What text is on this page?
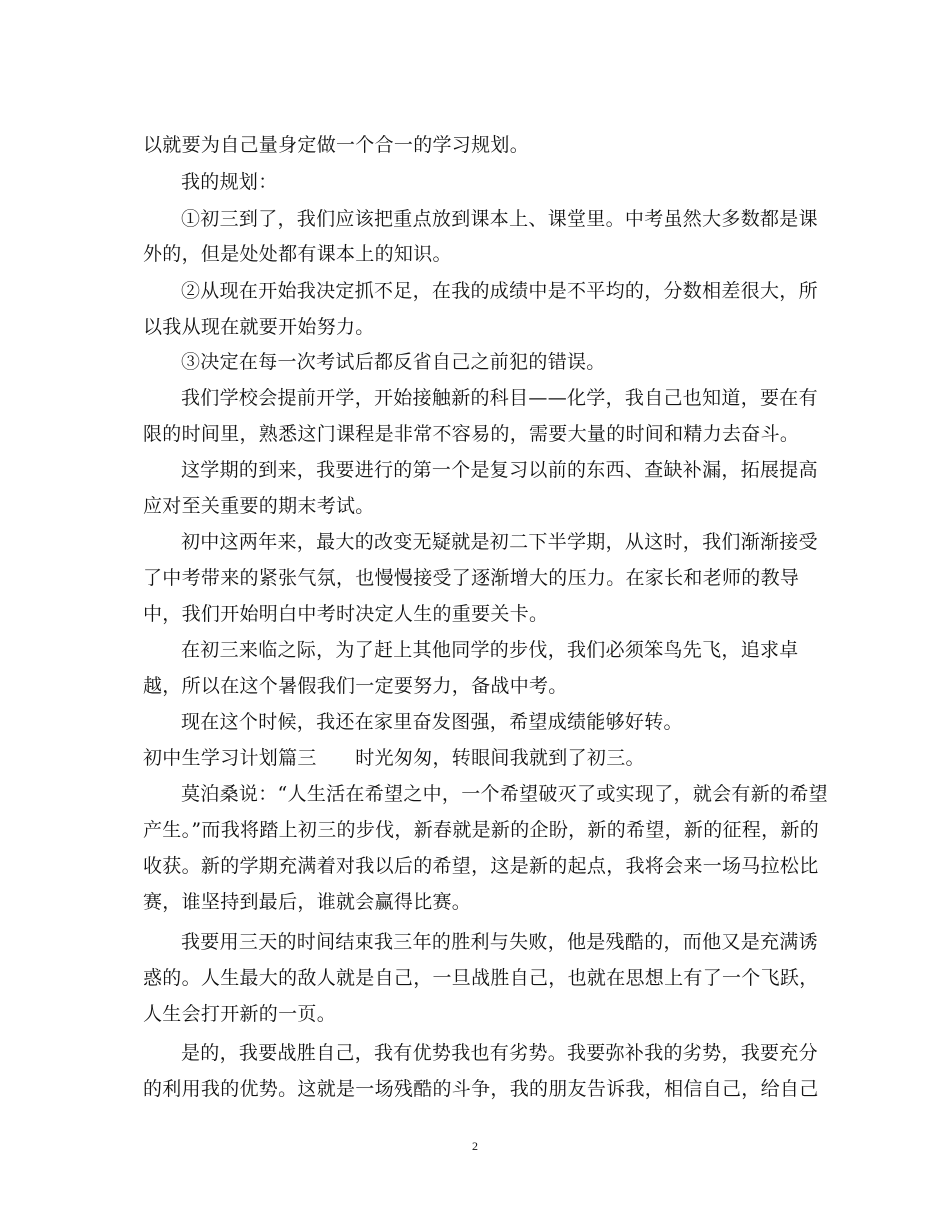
以就要为自己量身定做一个合一的学习规划。
我的规划：
①初三到了，我们应该把重点放到课本上、课堂里。中考虽然大多数都是课
外的，但是处处都有课本上的知识。
②从现在开始我决定抓不足，在我的成绩中是不平均的，分数相差很大，所
以我从现在就要开始努力。
③决定在每一次考试后都反省自己之前犯的错误。
我们学校会提前开学，开始接触新的科目——化学，我自己也知道，要在有
限的时间里，熟悉这门课程是非常不容易的，需要大量的时间和精力去奋斗。
这学期的到来，我要进行的第一个是复习以前的东西、查缺补漏，拓展提高
应对至关重要的期末考试。
初中这两年来，最大的改变无疑就是初二下半学期，从这时，我们渐渐接受
了中考带来的紧张气氛，也慢慢接受了逐渐增大的压力。在家长和老师的教导
中，我们开始明白中考时决定人生的重要关卡。
在初三来临之际，为了赶上其他同学的步伐，我们必须笨鸟先飞，追求卓
越，所以在这个暑假我们一定要努力，备战中考。
现在这个时候，我还在家里奋发图强，希望成绩能够好转。
初中生学习计划篇三　　时光匆匆，转眼间我就到了初三。
莫泊桑说：“人生活在希望之中，一个希望破灭了或实现了，就会有新的希望
产生。”而我将踏上初三的步伐，新春就是新的企盼，新的希望，新的征程，新的
收获。新的学期充满着对我以后的希望，这是新的起点，我将会来一场马拉松比
赛，谁坚持到最后，谁就会赢得比赛。
我要用三天的时间结束我三年的胜利与失败，他是残酷的，而他又是充满诱
惑的。人生最大的敌人就是自己，一旦战胜自己，也就在思想上有了一个飞跃，
人生会打开新的一页。
是的，我要战胜自己，我有优势我也有劣势。我要弥补我的劣势，我要充分
的利用我的优势。这就是一场残酷的斗争，我的朋友告诉我，相信自己，给自己
2
